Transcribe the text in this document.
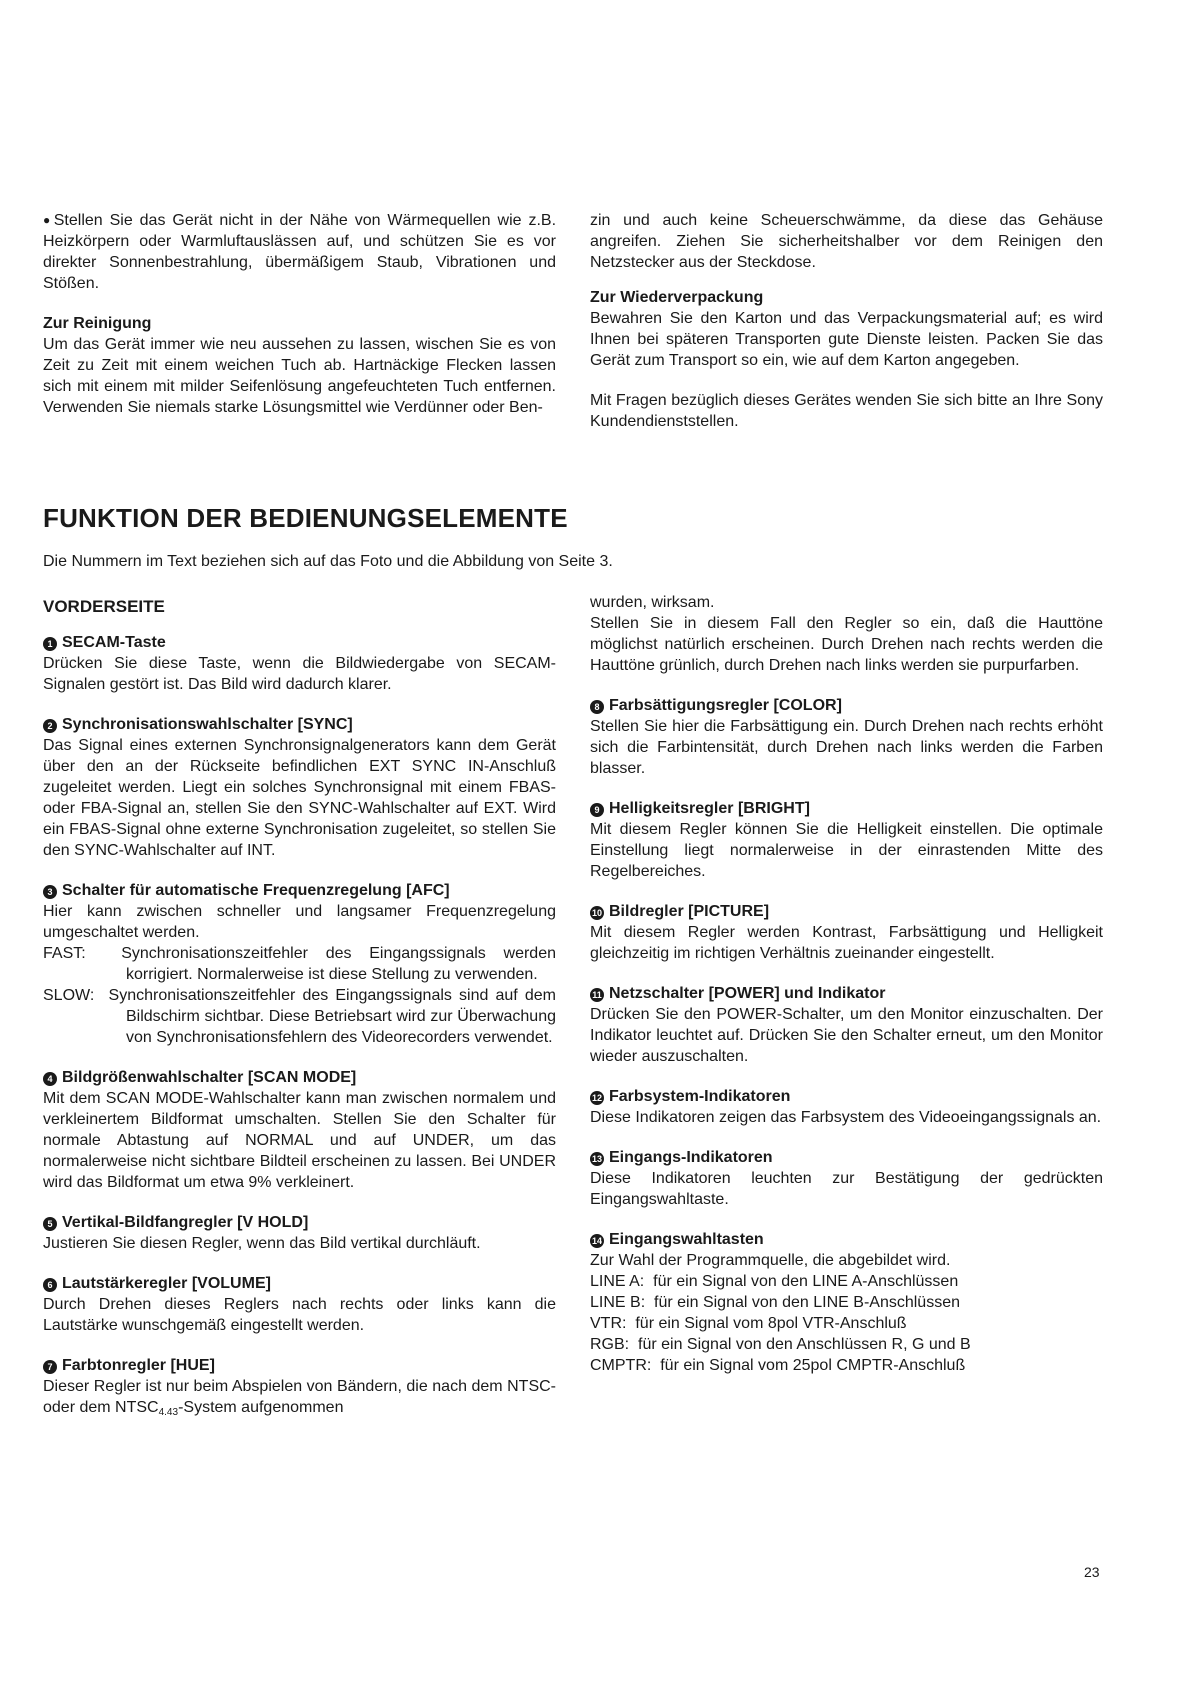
●Stellen Sie das Gerät nicht in der Nähe von Wärmequellen wie z.B. Heizkörpern oder Warmluftauslässen auf, und schützen Sie es vor direkter Sonnenbestrahlung, übermäßigem Staub, Vibrationen und Stößen.

Zur Reinigung

Um das Gerät immer wie neu aussehen zu lassen, wischen Sie es von Zeit zu Zeit mit einem weichen Tuch ab. Hartnäckige Flecken lassen sich mit einem mit milder Seifenlösung angefeuchteten Tuch entfernen. Verwenden Sie niemals starke Lösungsmittel wie Verdünner oder Ben-

zin und auch keine Scheuerschwämme, da diese das Gehäuse angreifen. Ziehen Sie sicherheitshalber vor dem Reinigen den Netzstecker aus der Steckdose.

Zur Wiederverpackung

Bewahren Sie den Karton und das Verpackungsmaterial auf; es wird Ihnen bei späteren Transporten gute Dienste leisten. Packen Sie das Gerät zum Transport so ein, wie auf dem Karton angegeben.

Mit Fragen bezüglich dieses Gerätes wenden Sie sich bitte an Ihre Sony Kundendienststellen.

FUNKTION DER BEDIENUNGSELEMENTE

Die Nummern im Text beziehen sich auf das Foto und die Abbildung von Seite 3.

VORDERSEITE

1 SECAM-Taste

Drücken Sie diese Taste, wenn die Bildwiedergabe von SECAM-Signalen gestört ist. Das Bild wird dadurch klarer.

2 Synchronisationswahlschalter [SYNC]

Das Signal eines externen Synchronsignalgenerators kann dem Gerät über den an der Rückseite befindlichen EXT SYNC IN-Anschluß zugeleitet werden. Liegt ein solches Synchronsignal mit einem FBAS- oder FBA-Signal an, stellen Sie den SYNC-Wahlschalter auf EXT. Wird ein FBAS-Signal ohne externe Synchronisation zugeleitet, so stellen Sie den SYNC-Wahlschalter auf INT.

3 Schalter für automatische Frequenzregelung [AFC]

Hier kann zwischen schneller und langsamer Frequenzregelung umgeschaltet werden.

FAST: Synchronisationszeitfehler des Eingangssignals werden korrigiert. Normalerweise ist diese Stellung zu verwenden.

SLOW: Synchronisationszeitfehler des Eingangssignals sind auf dem Bildschirm sichtbar. Diese Betriebsart wird zur Überwachung von Synchronisationsfehlern des Videorecorders verwendet.

4 Bildgrößenwahlschalter [SCAN MODE]

Mit dem SCAN MODE-Wahlschalter kann man zwischen normalem und verkleinertem Bildformat umschalten. Stellen Sie den Schalter für normale Abtastung auf NORMAL und auf UNDER, um das normalerweise nicht sichtbare Bildteil erscheinen zu lassen. Bei UNDER wird das Bildformat um etwa 9% verkleinert.

5 Vertikal-Bildfangregler [V HOLD]

Justieren Sie diesen Regler, wenn das Bild vertikal durchläuft.

6 Lautstärkeregler [VOLUME]

Durch Drehen dieses Reglers nach rechts oder links kann die Lautstärke wunschgemäß eingestellt werden.

7 Farbtonregler [HUE]

Dieser Regler ist nur beim Abspielen von Bändern, die nach dem NTSC- oder dem $NTSC_{4.43}$-System aufgenommen

wurden, wirksam.

Stellen Sie in diesem Fall den Regler so ein, daß die Hauttöne möglichst natürlich erscheinen. Durch Drehen nach rechts werden die Hauttöne grünlich, durch Drehen nach links werden sie purpurfarben.

8 Farbsättigungsregler [COLOR]

Stellen Sie hier die Farbsättigung ein. Durch Drehen nach rechts erhöht sich die Farbintensität, durch Drehen nach links werden die Farben blasser.

9 Helligkeitsregler [BRIGHT]

Mit diesem Regler können Sie die Helligkeit einstellen. Die optimale Einstellung liegt normalerweise in der einrastenden Mitte des Regelbereiches.

10 Bildregler [PICTURE]

Mit diesem Regler werden Kontrast, Farbsättigung und Helligkeit gleichzeitig im richtigen Verhältnis zueinander eingestellt.

11 Netzschalter [POWER] und Indikator

Drücken Sie den POWER-Schalter, um den Monitor einzuschalten. Der Indikator leuchtet auf. Drücken Sie den Schalter erneut, um den Monitor wieder auszuschalten.

12 Farbsystem-Indikatoren

Diese Indikatoren zeigen das Farbsystem des Videoeingangssignals an.

13 Eingangs-Indikatoren

Diese Indikatoren leuchten zur Bestätigung der gedrückten Eingangswahltaste.

14 Eingangswahltasten

Zur Wahl der Programmquelle, die abgebildet wird.

LINE A: für ein Signal von den LINE A-Anschlüssen

LINE B: für ein Signal von den LINE B-Anschlüssen

VTR: für ein Signal vom 8pol VTR-Anschluß

RGB: für ein Signal von den Anschlüssen R, G und B

CMPTR: für ein Signal vom 25pol CMPTR-Anschluß

23
